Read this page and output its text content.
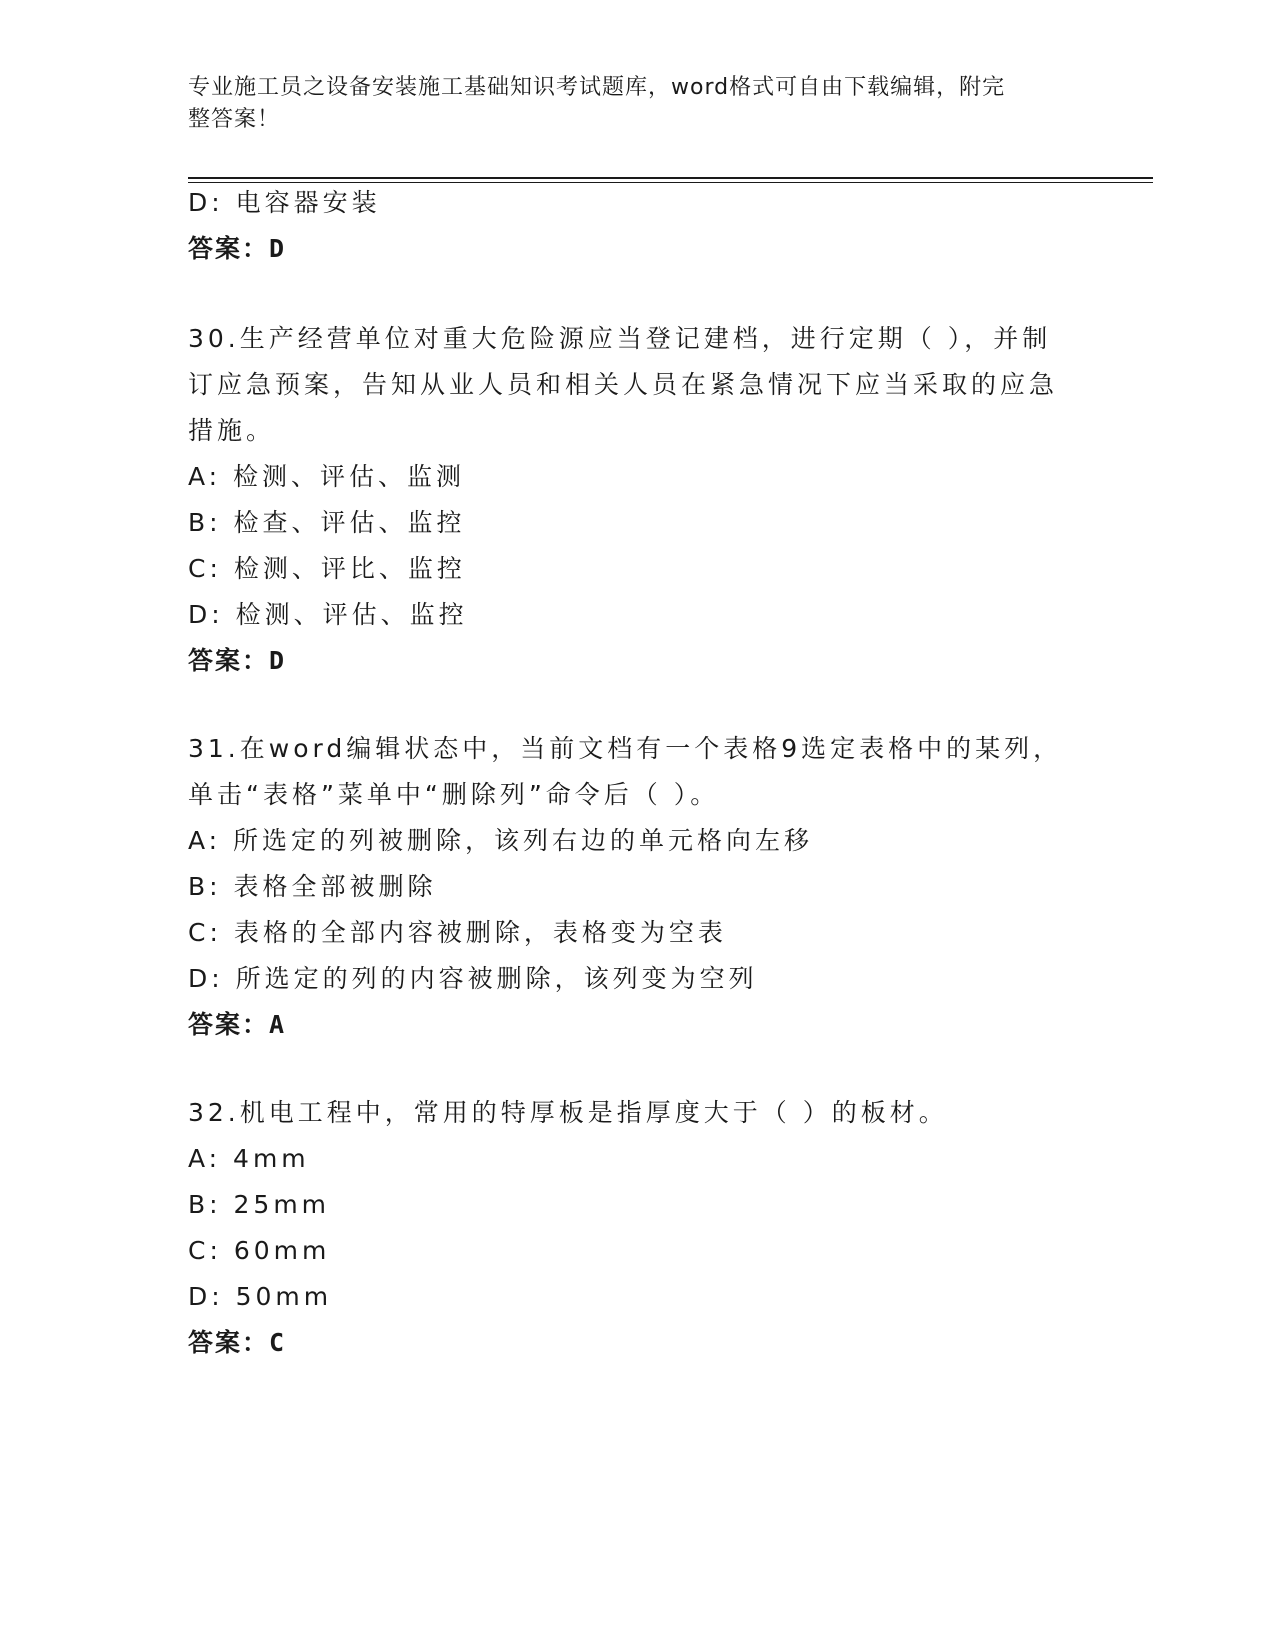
专业施工员之设备安装施工基础知识考试题库，word格式可自由下载编辑，附完
整答案！
D: 电容器安装
答案：D
30.生产经营单位对重大危险源应当登记建档，进行定期（ ），并制
订应急预案，告知从业人员和相关人员在紧急情况下应当采取的应急
措施。
A: 检测、评估、监测
B: 检查、评估、监控
C: 检测、评比、监控
D: 检测、评估、监控
答案：D
31.在word编辑状态中，当前文档有一个表格9选定表格中的某列，
单击“表格”菜单中“删除列”命令后（ ）。
A: 所选定的列被删除，该列右边的单元格向左移
B: 表格全部被删除
C: 表格的全部内容被删除，表格变为空表
D: 所选定的列的内容被删除，该列变为空列
答案：A
32.机电工程中，常用的特厚板是指厚度大于（ ）的板材。
A: 4mm
B: 25mm
C: 60mm
D: 50mm
答案：C
